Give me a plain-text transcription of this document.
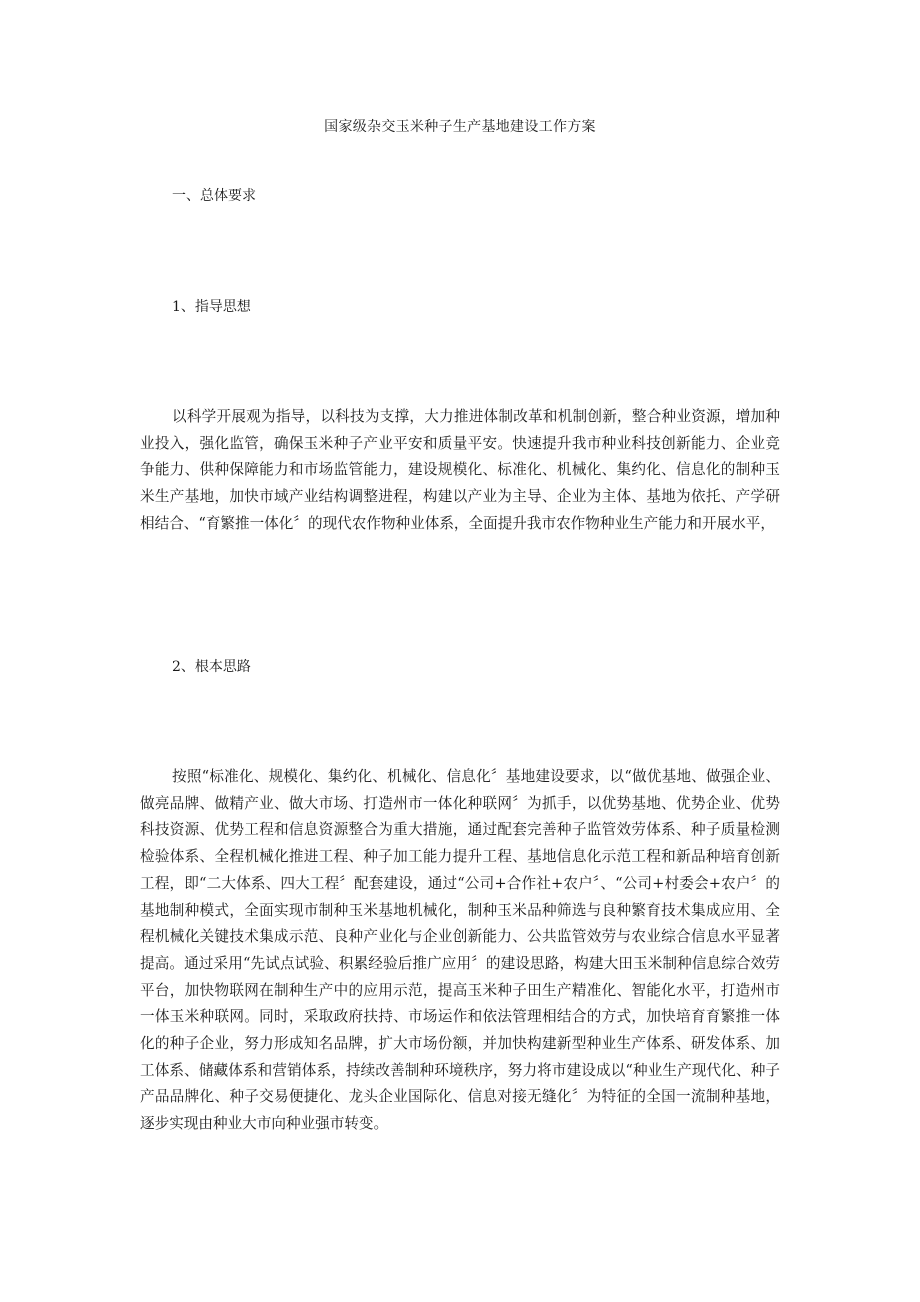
国家级杂交玉米种子生产基地建设工作方案
一、总体要求
1、指导思想

以科学开展观为指导，以科技为支撑，大力推进体制改革和机制创新，整合种业资源，增加种业投入，强化监管，确保玉米种子产业平安和质量平安。快速提升我市种业科技创新能力、企业竞争能力、供种保障能力和市场监管能力，建设规模化、标准化、机械化、集约化、信息化的制种玉米生产基地，加快市域产业结构调整进程，构建以产业为主导、企业为主体、基地为依托、产学研相结合、“育繁推一体化〞的现代农作物种业体系，全面提升我市农作物种业生产能力和开展水平，

2、根本思路

按照“标准化、规模化、集约化、机械化、信息化〞基地建设要求，以“做优基地、做强企业、做亮品牌、做精产业、做大市场、打造州市一体化种联网〞为抓手，以优势基地、优势企业、优势科技资源、优势工程和信息资源整合为重大措施，通过配套完善种子监管效劳体系、种子质量检测检验体系、全程机械化推进工程、种子加工能力提升工程、基地信息化示范工程和新品种培育创新工程，即“二大体系、四大工程〞配套建设，通过“公司+合作社+农户〞、“公司+村委会+农户〞的基地制种模式，全面实现市制种玉米基地机械化，制种玉米品种筛选与良种繁育技术集成应用、全程机械化关键技术集成示范、良种产业化与企业创新能力、公共监管效劳与农业综合信息水平显著提高。通过采用“先试点试验、积累经验后推广应用〞的建设思路，构建大田玉米制种信息综合效劳平台，加快物联网在制种生产中的应用示范，提高玉米种子田生产精准化、智能化水平，打造州市一体玉米种联网。同时，采取政府扶持、市场运作和依法管理相结合的方式，加快培育育繁推一体化的种子企业，努力形成知名品牌，扩大市场份额，并加快构建新型种业生产体系、研发体系、加工体系、储藏体系和营销体系，持续改善制种环境秩序，努力将市建设成以“种业生产现代化、种子产品品牌化、种子交易便捷化、龙头企业国际化、信息对接无缝化〞为特征的全国一流制种基地，逐步实现由种业大市向种业强市转变。
